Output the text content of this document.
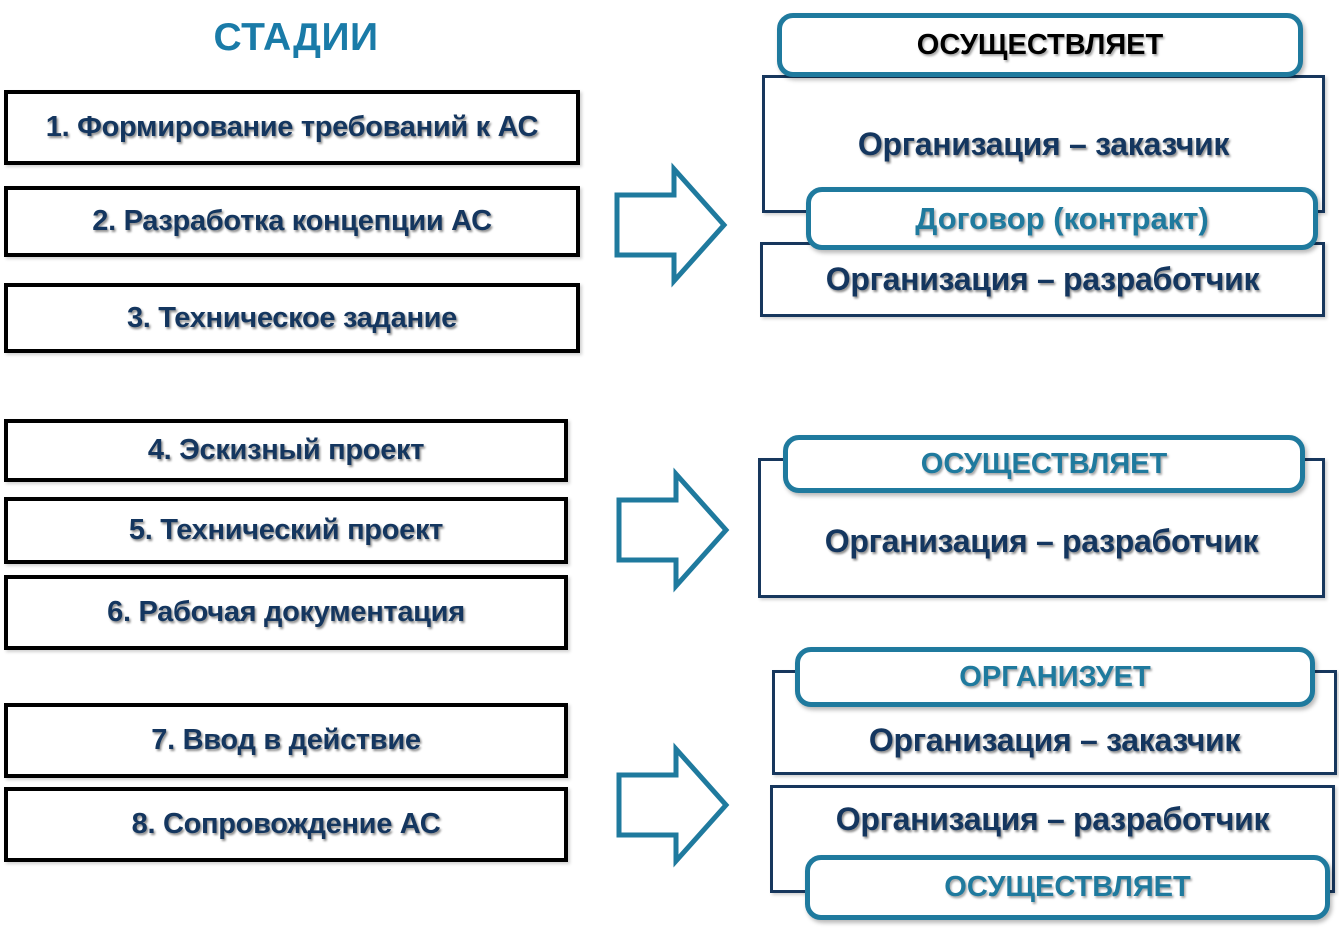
СТАДИИ
1. Формирование требований к АС
2. Разработка концепции АС
3. Техническое задание
4. Эскизный проект
5. Технический проект
6. Рабочая документация
7. Ввод в действие
8. Сопровождение АС
Организация – заказчик
Организация – разработчик
ОСУЩЕСТВЛЯЕТ
Договор (контракт)
Организация – разработчик
ОСУЩЕСТВЛЯЕТ
Организация – заказчик
Организация – разработчик
ОРГАНИЗУЕТ
ОСУЩЕСТВЛЯЕТ
